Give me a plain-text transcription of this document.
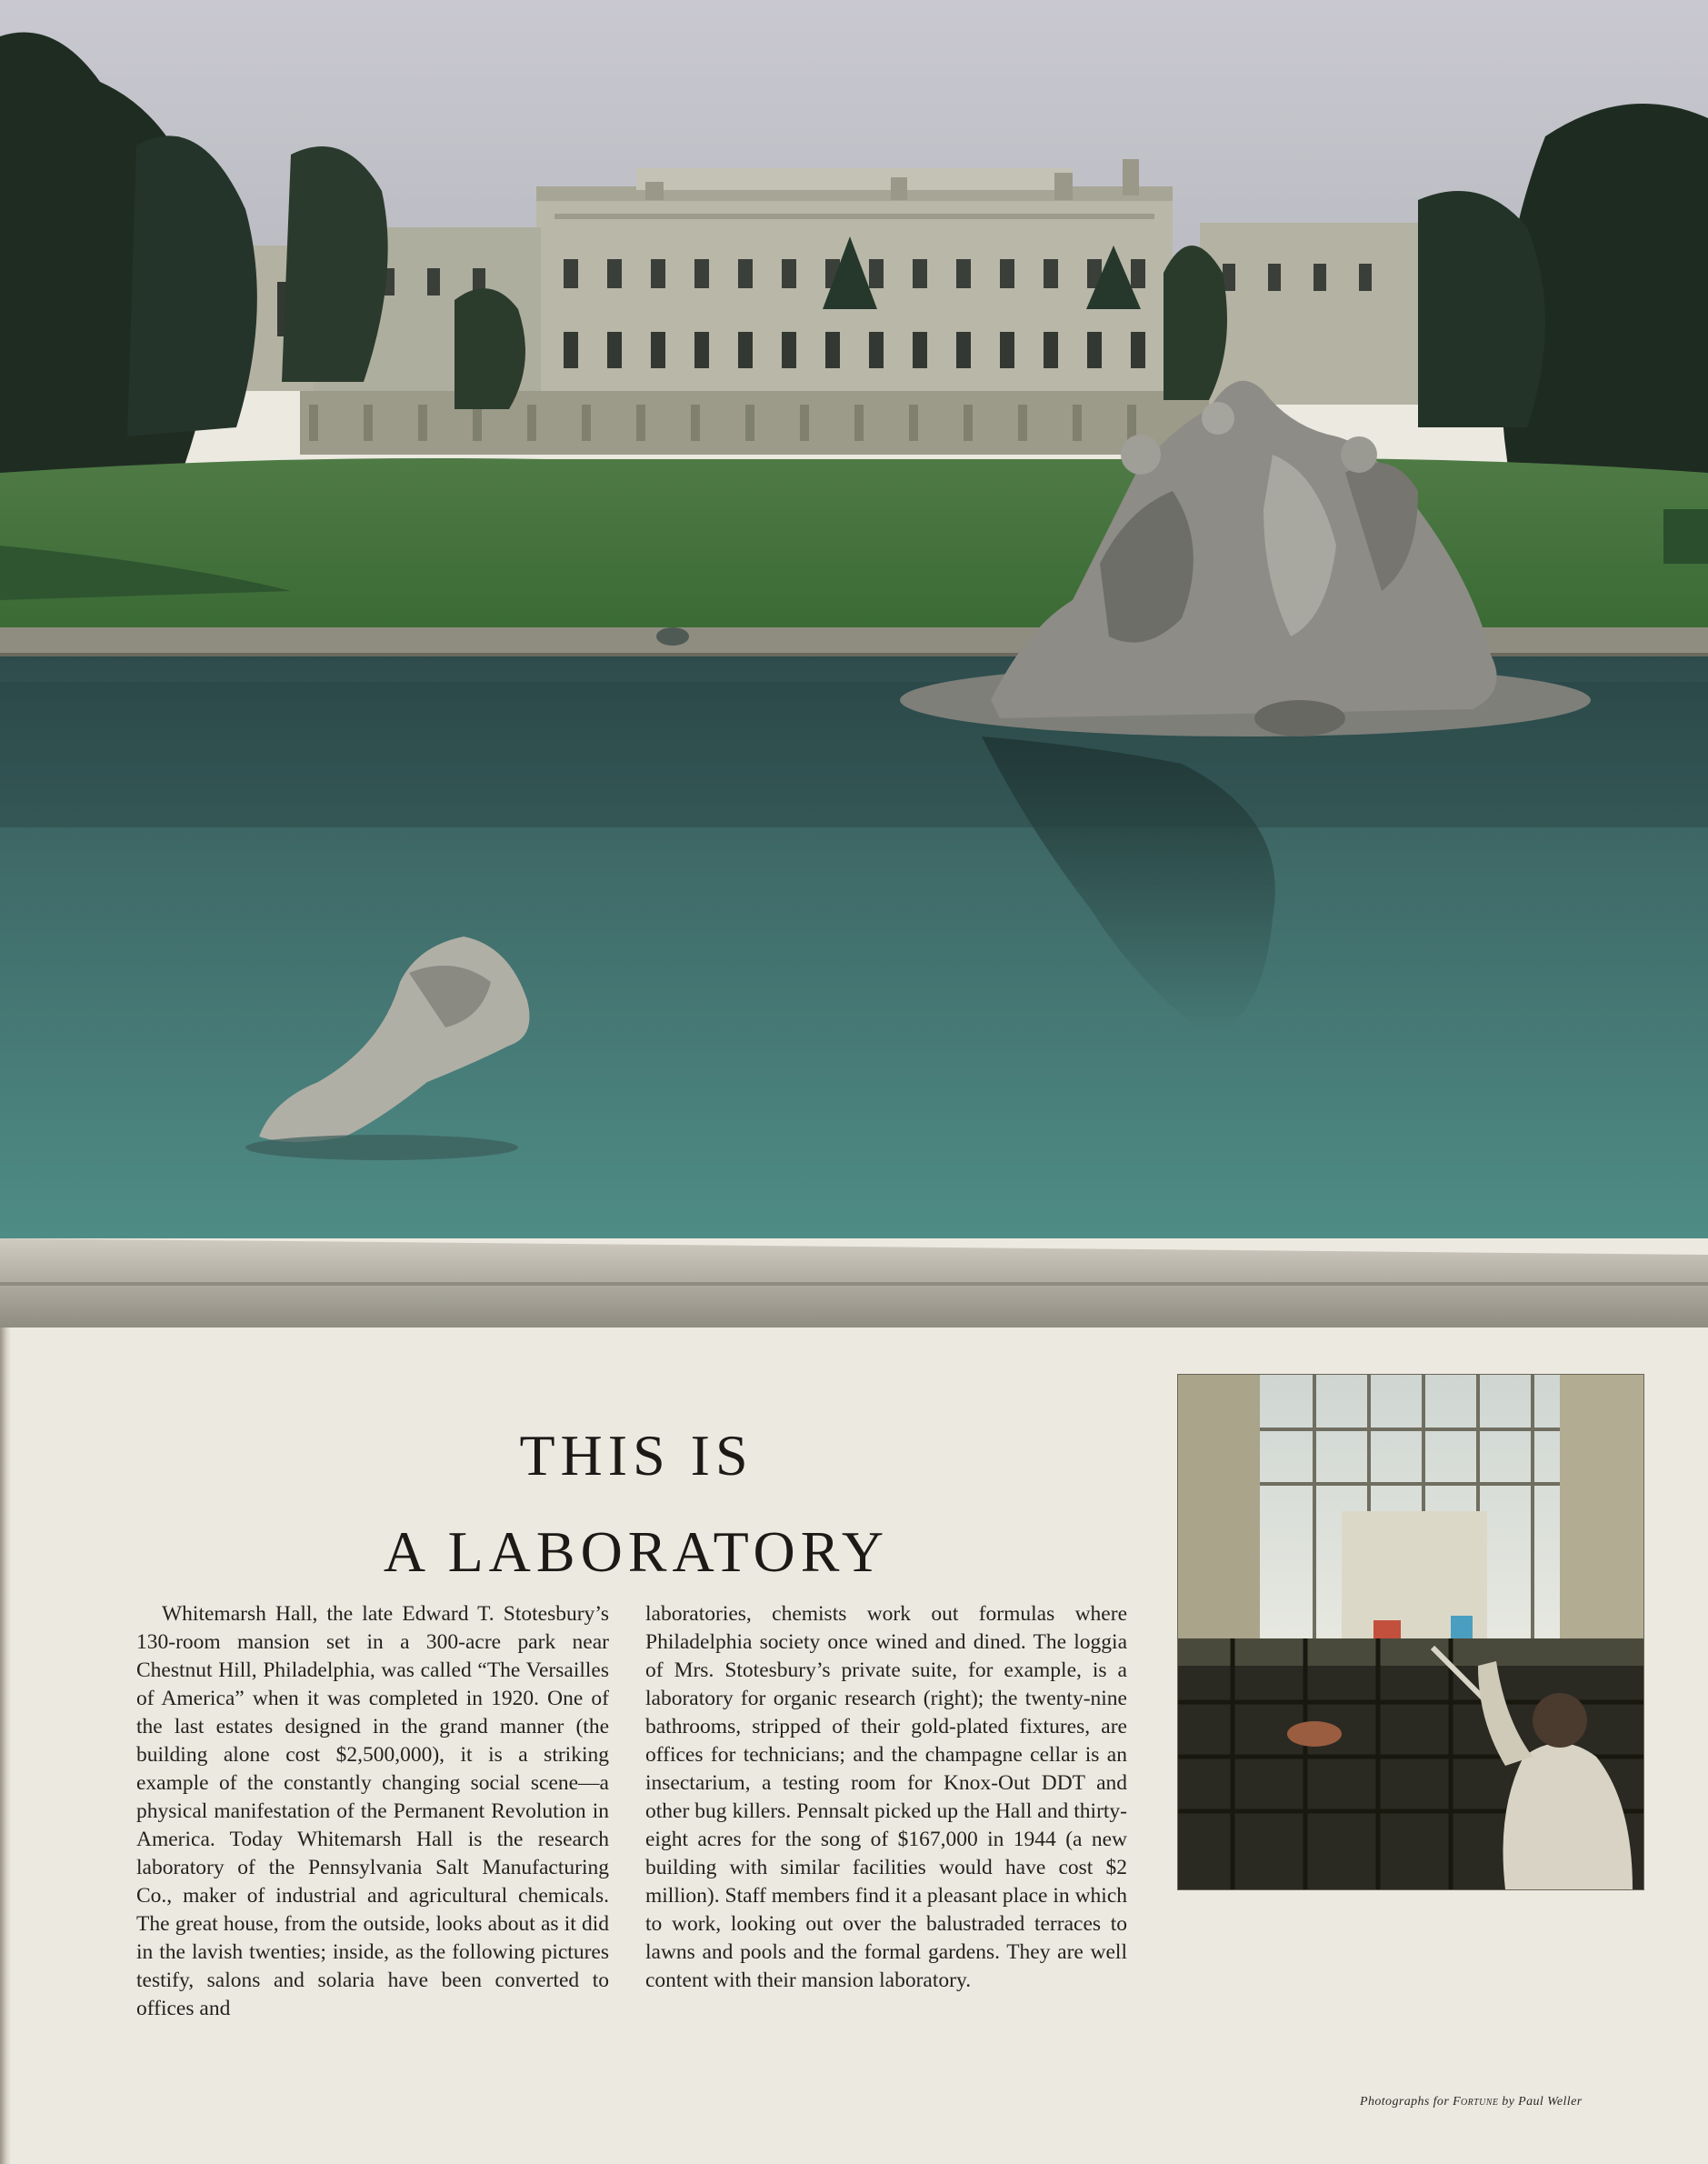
THIS IS
A LABORATORY

Whitemarsh Hall, the late Edward T. Stotesbury’s 130-room mansion set in a 300-acre park near Chestnut Hill, Philadelphia, was called “The Versailles of America” when it was completed in 1920. One of the last estates designed in the grand manner (the building alone cost $2,500,000), it is a striking example of the constantly changing social scene—a physical manifestation of the Permanent Revolution in America. Today Whitemarsh Hall is the research laboratory of the Pennsylvania Salt Manufacturing Co., maker of industrial and agricultural chemicals. The great house, from the outside, looks about as it did in the lavish twenties; inside, as the following pictures testify, salons and solaria have been converted to offices and

laboratories, chemists work out formulas where Philadelphia society once wined and dined. The loggia of Mrs. Stotesbury’s private suite, for example, is a laboratory for organic research (right); the twenty-nine bathrooms, stripped of their gold-plated fixtures, are offices for technicians; and the champagne cellar is an insectarium, a testing room for Knox-Out DDT and other bug killers. Pennsalt picked up the Hall and thirty-eight acres for the song of $167,000 in 1944 (a new building with similar facilities would have cost $2 million). Staff members find it a pleasant place in which to work, looking out over the balustraded terraces to lawns and pools and the formal gardens. They are well content with their mansion laboratory.

Photographs for Fortune by Paul Weller
